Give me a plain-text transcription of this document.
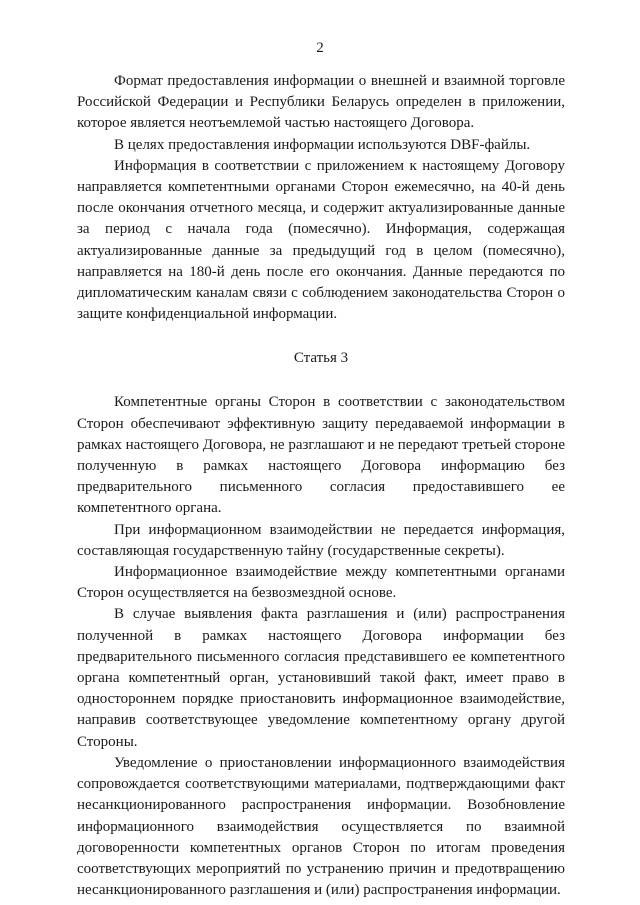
2

Формат предоставления информации о внешней и взаимной торговле Российской Федерации и Республики Беларусь определен в приложении, которое является неотъемлемой частью настоящего Договора.

В целях предоставления информации используются DBF-файлы.

Информация в соответствии с приложением к настоящему Договору направляется компетентными органами Сторон ежемесячно, на 40-й день после окончания отчетного месяца, и содержит актуализированные данные за период с начала года (помесячно). Информация, содержащая актуализированные данные за предыдущий год в целом (помесячно), направляется на 180-й день после его окончания. Данные передаются по дипломатическим каналам связи с соблюдением законодательства Сторон о защите конфиденциальной информации.

Статья 3

Компетентные органы Сторон в соответствии с законодательством Сторон обеспечивают эффективную защиту передаваемой информации в рамках настоящего Договора, не разглашают и не передают третьей стороне полученную в рамках настоящего Договора информацию без предварительного письменного согласия предоставившего ее компетентного органа.

При информационном взаимодействии не передается информация, составляющая государственную тайну (государственные секреты).

Информационное взаимодействие между компетентными органами Сторон осуществляется на безвозмездной основе.

В случае выявления факта разглашения и (или) распространения полученной в рамках настоящего Договора информации без предварительного письменного согласия представившего ее компетентного органа компетентный орган, установивший такой факт, имеет право в одностороннем порядке приостановить информационное взаимодействие, направив соответствующее уведомление компетентному органу другой Стороны.

Уведомление о приостановлении информационного взаимодействия сопровождается соответствующими материалами, подтверждающими факт несанкционированного распространения информации. Возобновление информационного взаимодействия осуществляется по взаимной договоренности компетентных органов Сторон по итогам проведения соответствующих мероприятий по устранению причин и предотвращению несанкционированного разглашения и (или) распространения информации.
